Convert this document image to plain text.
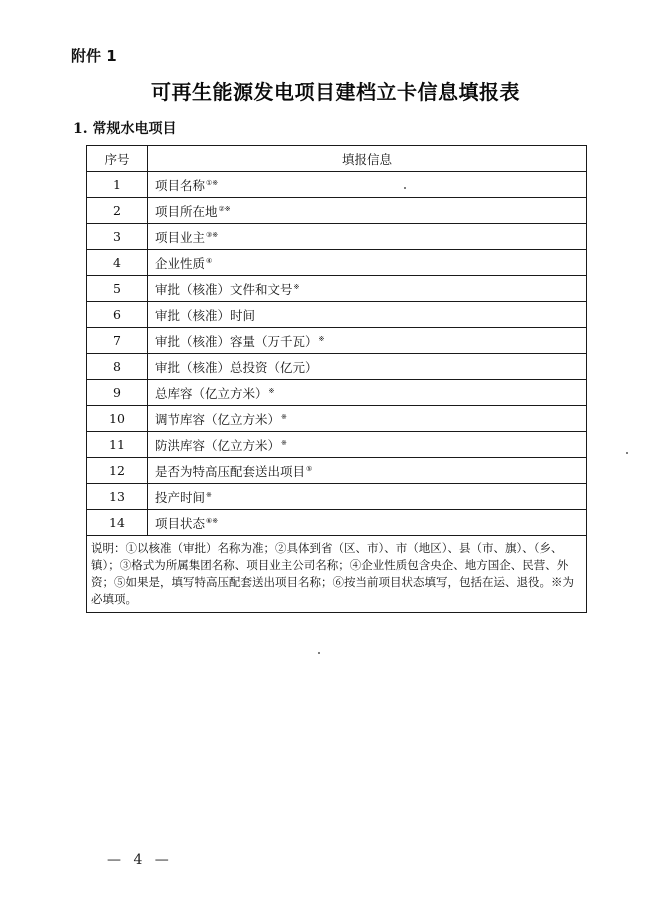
附件 1
可再生能源发电项目建档立卡信息填报表
1. 常规水电项目
序号	填报信息
1	项目名称①※
2	项目所在地②※
3	项目业主③※
4	企业性质④
5	审批（核准）文件和文号※
6	审批（核准）时间
7	审批（核准）容量（万千瓦）※
8	审批（核准）总投资（亿元）
9	总库容（亿立方米）※
10	调节库容（亿立方米）※
11	防洪库容（亿立方米）※
12	是否为特高压配套送出项目⑤
13	投产时间※
14	项目状态⑥※
说明：①以核准（审批）名称为准；②具体到省（区、市）、市（地区）、县（市、旗）、（乡、镇）；③格式为所属集团名称、项目业主公司名称；④企业性质包含央企、地方国企、民营、外资；⑤如果是，填写特高压配套送出项目名称；⑥按当前项目状态填写，包括在运、退役。※为必填项。	
— 4 —
